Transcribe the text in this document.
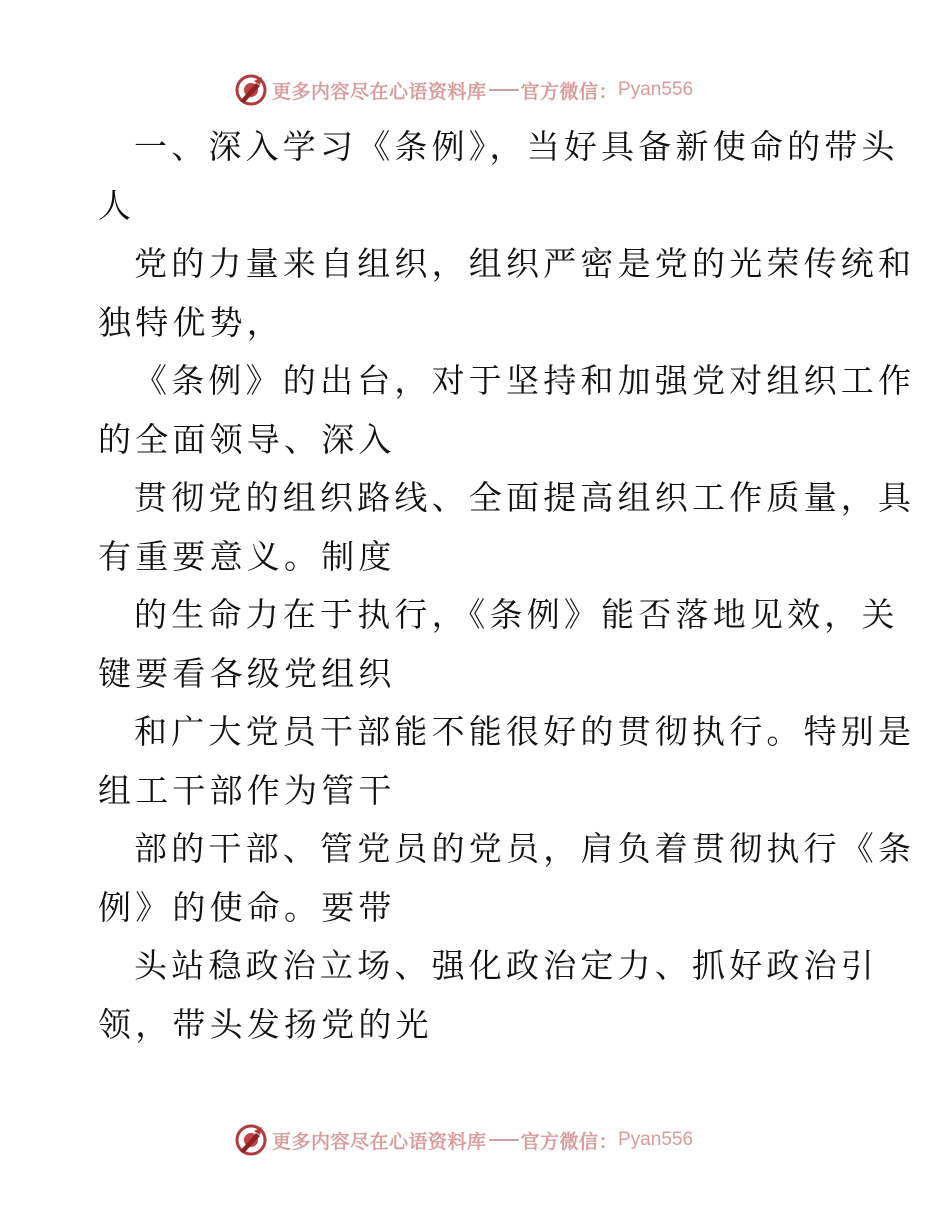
更多内容尽在心语资料库 官方微信： Pyan556
一、深入学习《条例》，当好具备新使命的带头
人
党的力量来自组织，组织严密是党的光荣传统和
独特优势，
《条例》的出台，对于坚持和加强党对组织工作
的全面领导、深入
贯彻党的组织路线、全面提高组织工作质量，具
有重要意义。制度
的生命力在于执行，《条例》能否落地见效，关
键要看各级党组织
和广大党员干部能不能很好的贯彻执行。特别是
组工干部作为管干
部的干部、管党员的党员，肩负着贯彻执行《条
例》的使命。要带
头站稳政治立场、强化政治定力、抓好政治引
领，带头发扬党的光
更多内容尽在心语资料库 官方微信： Pyan556
